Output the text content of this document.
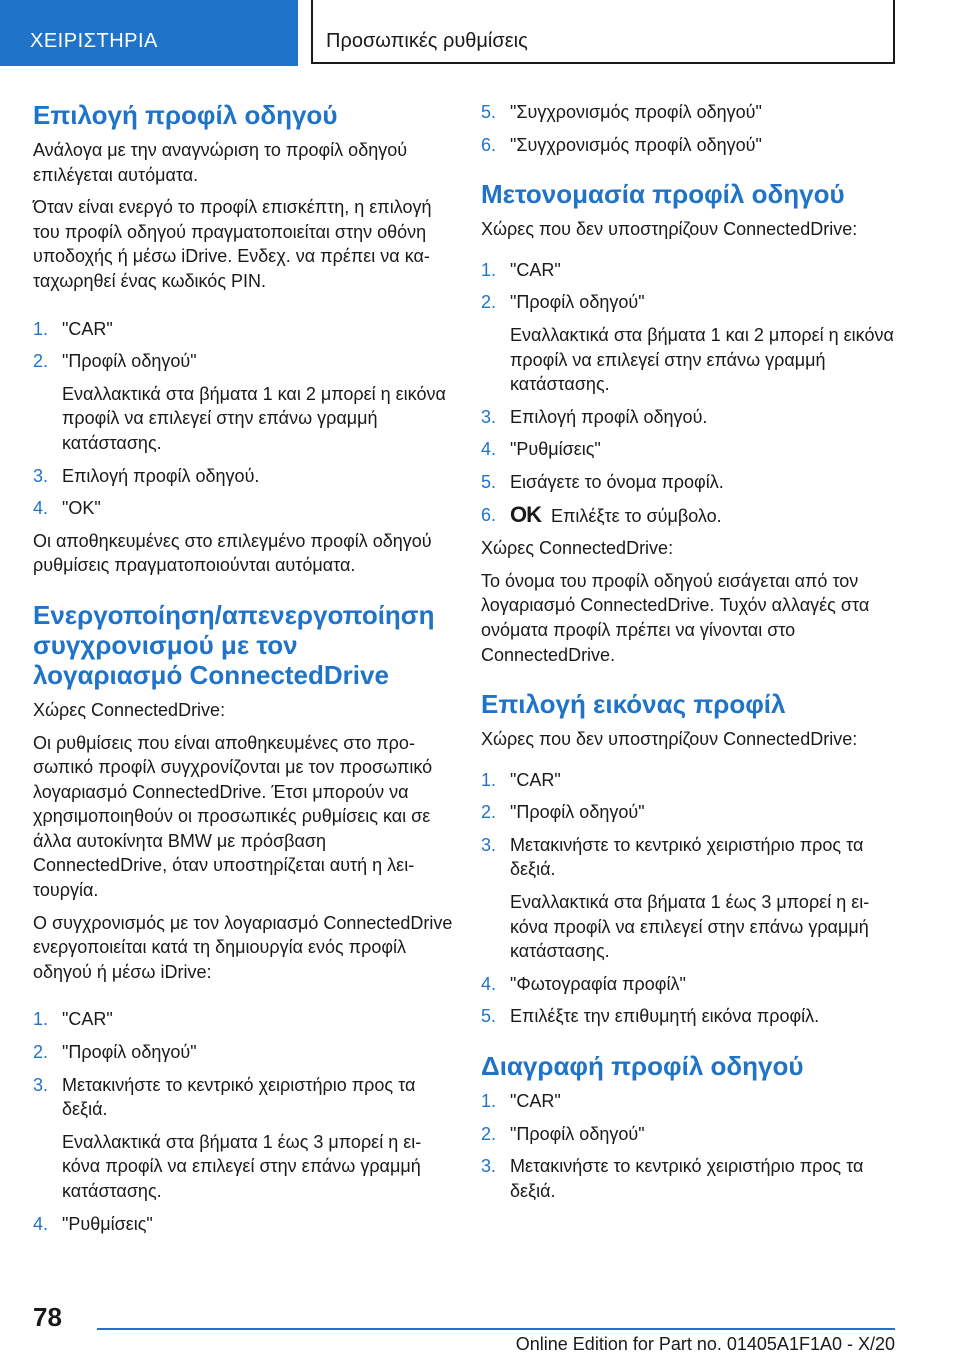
ΧΕΙΡΙΣΤΗΡΙΑ	Προσωπικές ρυθμίσεις
Επιλογή προφίλ οδηγού

Ανάλογα με την αναγνώριση το προφίλ οδηγού επιλέγεται αυτόματα.

Όταν είναι ενεργό το προφίλ επισκέπτη, η επιλογή του προφίλ οδηγού πραγματοποιείται στην οθόνη υποδοχής ή μέσω iDrive. Ενδεχ. να πρέπει να καταχωρηθεί ένας κωδικός PIN.

1. "CAR"
2. "Προφίλ οδηγού"
Εναλλακτικά στα βήματα 1 και 2 μπορεί η εικόνα προφίλ να επιλεγεί στην επάνω γραμμή κατάστασης.
3. Επιλογή προφίλ οδηγού.
4. "OK"

Οι αποθηκευμένες στο επιλεγμένο προφίλ οδηγού ρυθμίσεις πραγματοποιούνται αυτόματα.

Ενεργοποίηση/απενεργοποίηση συγχρονισμού με τον λογαριασμό ConnectedDrive

Χώρες ConnectedDrive:

Οι ρυθμίσεις που είναι αποθηκευμένες στο προσωπικό προφίλ συγχρονίζονται με τον προσωπικό λογαριασμό ConnectedDrive. Έτσι μπορούν να χρησιμοποιηθούν οι προσωπικές ρυθμίσεις και σε άλλα αυτοκίνητα BMW με πρόσβαση ConnectedDrive, όταν υποστηρίζεται αυτή η λειτουργία.

Ο συγχρονισμός με τον λογαριασμό ConnectedDrive ενεργοποιείται κατά τη δημιουργία ενός προφίλ οδηγού ή μέσω iDrive:

1. "CAR"
2. "Προφίλ οδηγού"
3. Μετακινήστε το κεντρικό χειριστήριο προς τα δεξιά.
Εναλλακτικά στα βήματα 1 έως 3 μπορεί η εικόνα προφίλ να επιλεγεί στην επάνω γραμμή κατάστασης.
4. "Ρυθμίσεις"
5. "Συγχρονισμός προφίλ οδηγού"
6. "Συγχρονισμός προφίλ οδηγού"
Μετονομασία προφίλ οδηγού

Χώρες που δεν υποστηρίζουν ConnectedDrive:

1. "CAR"
2. "Προφίλ οδηγού"
Εναλλακτικά στα βήματα 1 και 2 μπορεί η εικόνα προφίλ να επιλεγεί στην επάνω γραμμή κατάστασης.
3. Επιλογή προφίλ οδηγού.
4. "Ρυθμίσεις"
5. Εισάγετε το όνομα προφίλ.
6. OK Επιλέξτε το σύμβολο.

Χώρες ConnectedDrive:

Το όνομα του προφίλ οδηγού εισάγεται από τον λογαριασμό ConnectedDrive. Τυχόν αλλαγές στα ονόματα προφίλ πρέπει να γίνονται στο ConnectedDrive.

Επιλογή εικόνας προφίλ

Χώρες που δεν υποστηρίζουν ConnectedDrive:

1. "CAR"
2. "Προφίλ οδηγού"
3. Μετακινήστε το κεντρικό χειριστήριο προς τα δεξιά.
Εναλλακτικά στα βήματα 1 έως 3 μπορεί η εικόνα προφίλ να επιλεγεί στην επάνω γραμμή κατάστασης.
4. "Φωτογραφία προφίλ"
5. Επιλέξτε την επιθυμητή εικόνα προφίλ.
Διαγραφή προφίλ οδηγού
1. "CAR"
2. "Προφίλ οδηγού"
3. Μετακινήστε το κεντρικό χειριστήριο προς τα δεξιά.
78
Online Edition for Part no. 01405A1F1A0 - X/20
